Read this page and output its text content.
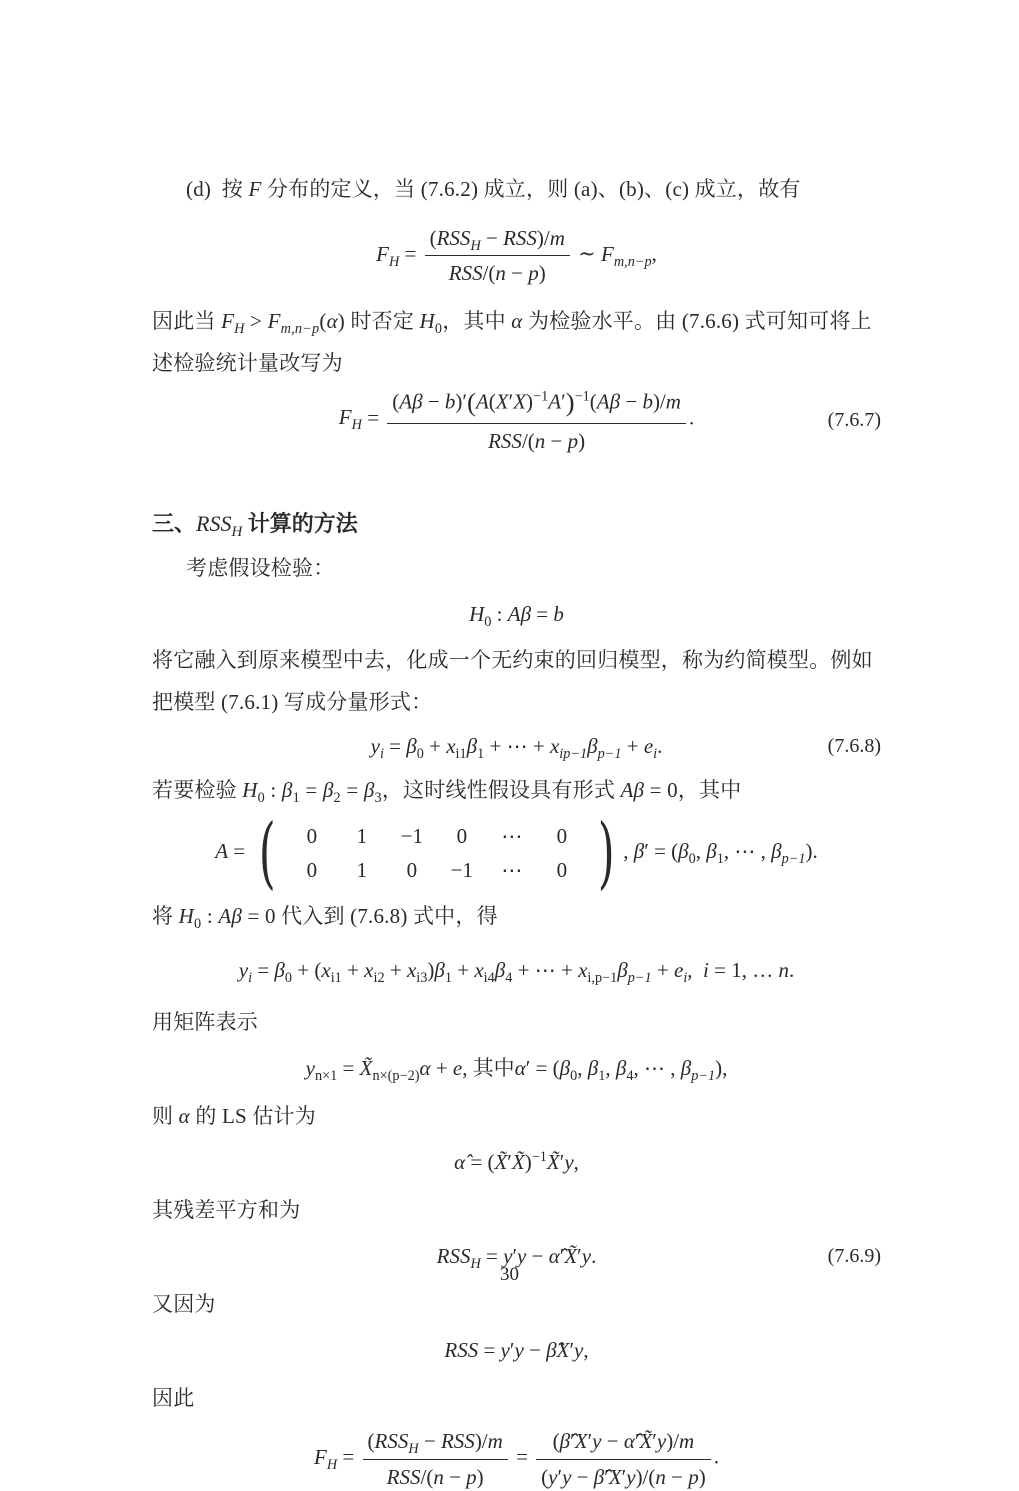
(d) 按 F 分布的定义，当 (7.6.2) 成立，则 (a)、(b)、(c) 成立，故有
$F_H$ =
$(RSS_H - RSS)/m$
RSS/(n − p)
∼ $F_{m,n-p}$,
因此当 $F_H > F_{m,n-p}(\alpha)$ 时否定 $H_0$，其中 α 为检验水平。由 (7.6.6) 式可知可将上述检验统计量改写为
$F_H$ =
$(A\beta - b)'(A(X'X)^{-1}A')^{-1}(A\beta - b)/m$
RSS/(n − p)
.	(7.6.7)
三、$RSS_H$ 计算的方法
考虑假设检验：
$H_0$ : Aβ = b
将它融入到原来模型中去，化成一个无约束的回归模型，称为约简模型。例如把模型 (7.6.1) 写成分量形式：
$y_i = \beta_0 + x_{i1}\beta_1$ + ⋯ + $x_{ip-1}\beta_{p-1} + e_i$.	(7.6.8)
若要检验 $H_0$ : $\beta_1 = \beta_2 = \beta_3$，这时线性假设具有形式 Aβ = 0，其中
A = (	0	1	−1	0	⋯	0
0	1	0	−1	⋯	0 ) , $\beta' = (\beta_0$, $\beta_1$, ⋯ , $\beta_{p-1}$).
将 $H_0$ : Aβ = 0 代入到 (7.6.8) 式中，得
$y_i = \beta_0 + (x_{i1} + x_{i2} + x_{i3})\beta_1 + x_{i4}\beta_4$ + ⋯ + $x_{i,p-1}\beta_{p-1} + e_i$, i = 1, … n.
用矩阵表示
$y_{n\times 1}$ = $X̃_{n\times(p-2)}\alpha + e$, 其中$\alpha' = (\beta_0$, $\beta_1$, $\beta_4$, ⋯ , $\beta_{p-1}$),
则 α 的 LS 估计为
α̂ = (X̃′X̃)$^{-1}$X̃′y,
其残差平方和为
$RSS_H = y'y$ − α̂′X̃′y.	(7.6.9)
又因为
RSS = y′y − β̂X′y,
因此
$F_H$ =
$(RSS_H - RSS)/m$
RSS/(n − p)
= $\frac{(\betâ'X'y - \alphâ'X̃'y)/m}{(y'y - \betâ'X'y)/(n - p)}$ .
30
